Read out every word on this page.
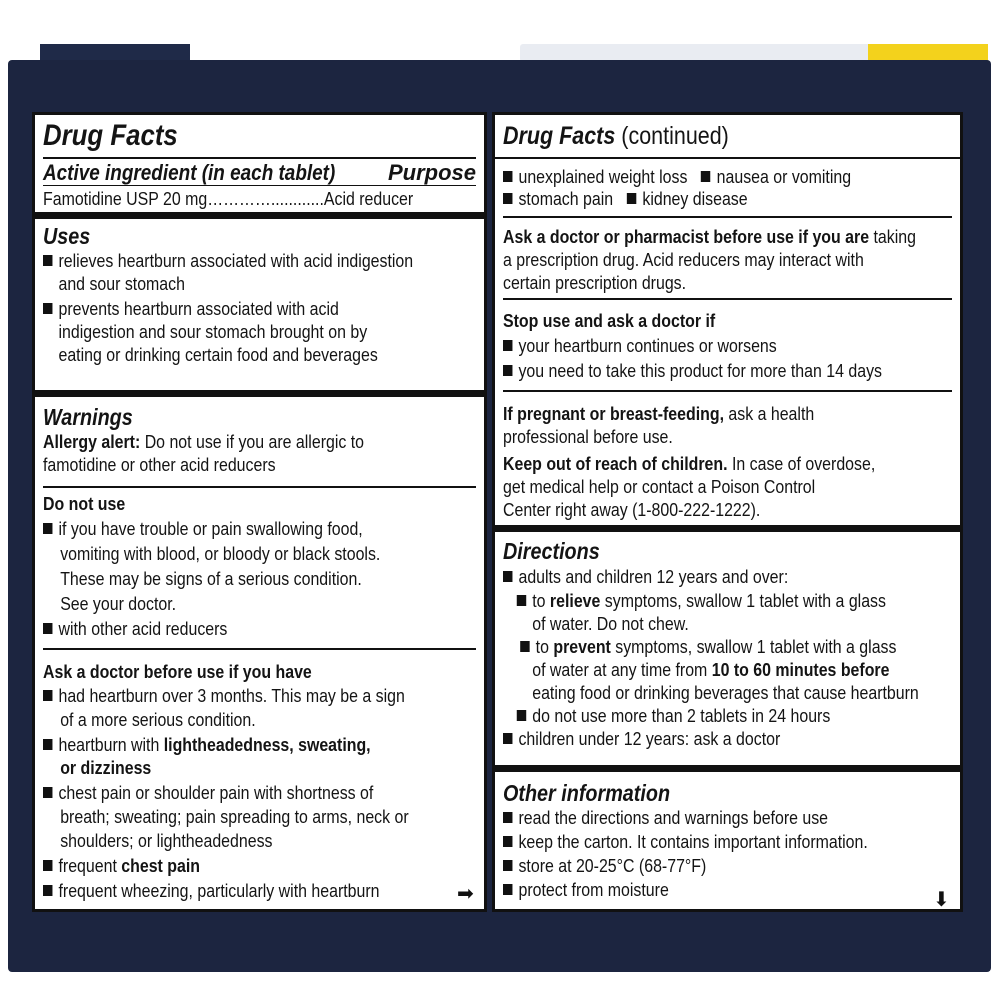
Drug Facts
Active ingredient (in each tablet) Purpose
Famotidine USP 20 mg…………............Acid reducer
Uses
relieves heartburn associated with acid indigestion
and sour stomach
prevents heartburn associated with acid
indigestion and sour stomach brought on by
eating or drinking certain food and beverages
Warnings
Allergy alert: Do not use if you are allergic to
famotidine or other acid reducers
Do not use
if you have trouble or pain swallowing food,
vomiting with blood, or bloody or black stools.
These may be signs of a serious condition.
See your doctor.
with other acid reducers
Ask a doctor before use if you have
had heartburn over 3 months. This may be a sign
of a more serious condition.
heartburn with lightheadedness, sweating,
or dizziness
chest pain or shoulder pain with shortness of
breath; sweating; pain spreading to arms, neck or
shoulders; or lightheadedness
frequent chest pain
frequent wheezing, particularly with heartburn	➡
Drug Facts (continued)
unexplained weight loss nausea or vomiting
stomach pain kidney disease
Ask a doctor or pharmacist before use if you are taking
a prescription drug. Acid reducers may interact with
certain prescription drugs.
Stop use and ask a doctor if
your heartburn continues or worsens
you need to take this product for more than 14 days
If pregnant or breast-feeding, ask a health
professional before use.
Keep out of reach of children. In case of overdose,
get medical help or contact a Poison Control
Center right away (1-800-222-1222).
Directions
adults and children 12 years and over:
to relieve symptoms, swallow 1 tablet with a glass
of water. Do not chew.
to prevent symptoms, swallow 1 tablet with a glass
of water at any time from 10 to 60 minutes before
eating food or drinking beverages that cause heartburn
do not use more than 2 tablets in 24 hours
children under 12 years: ask a doctor
Other information
read the directions and warnings before use
keep the carton. It contains important information.
store at 20-25°C (68-77°F)
protect from moisture	⬇
